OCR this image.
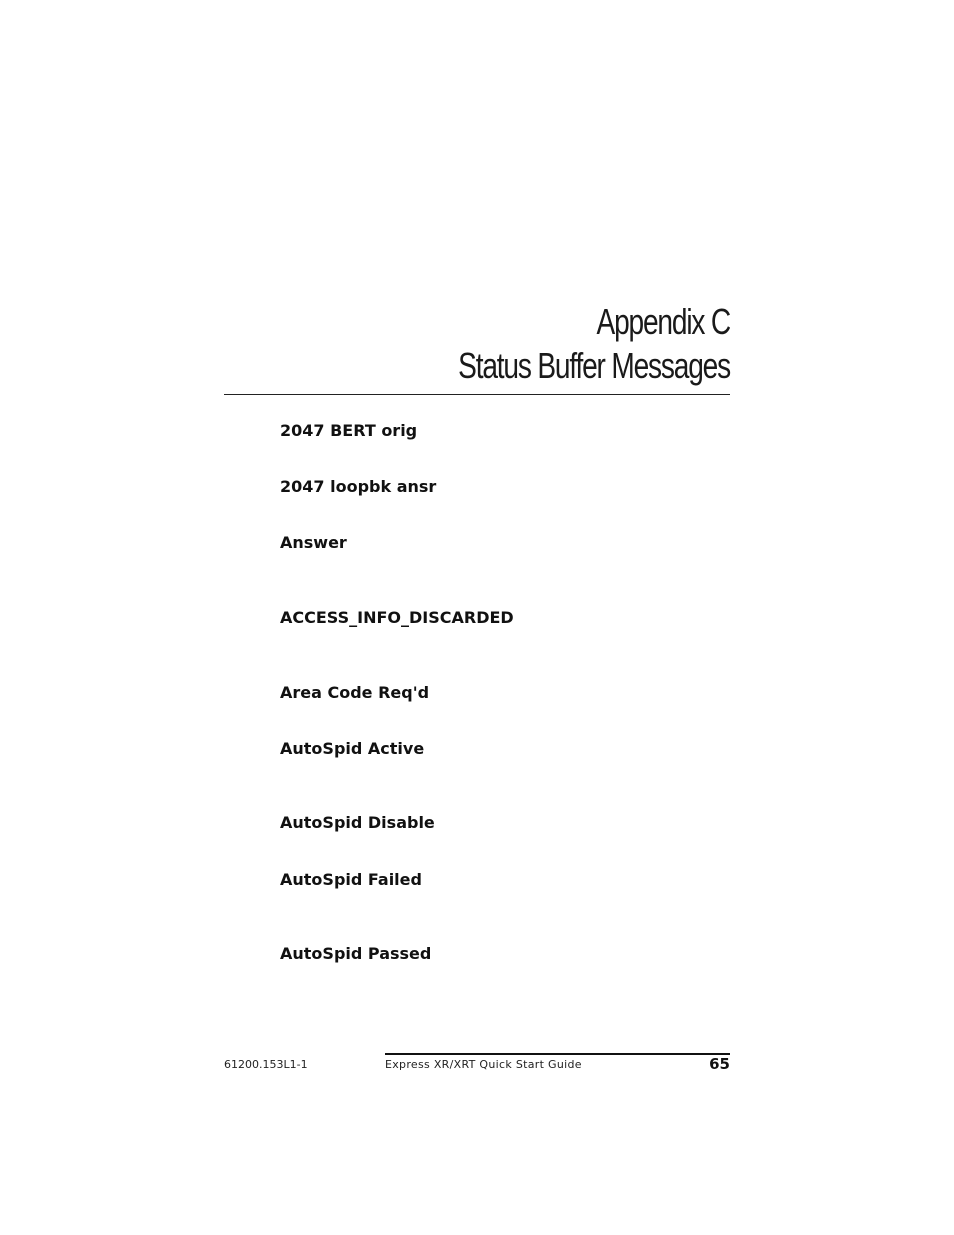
Appendix C
Status Buffer Messages
2047 BERT orig
2047 loopbk ansr
Answer
ACCESS_INFO_DISCARDED
Area Code Req'd
AutoSpid Active
AutoSpid Disable
AutoSpid Failed
AutoSpid Passed
61200.153L1-1	Express XR/XRT Quick Start Guide	65
